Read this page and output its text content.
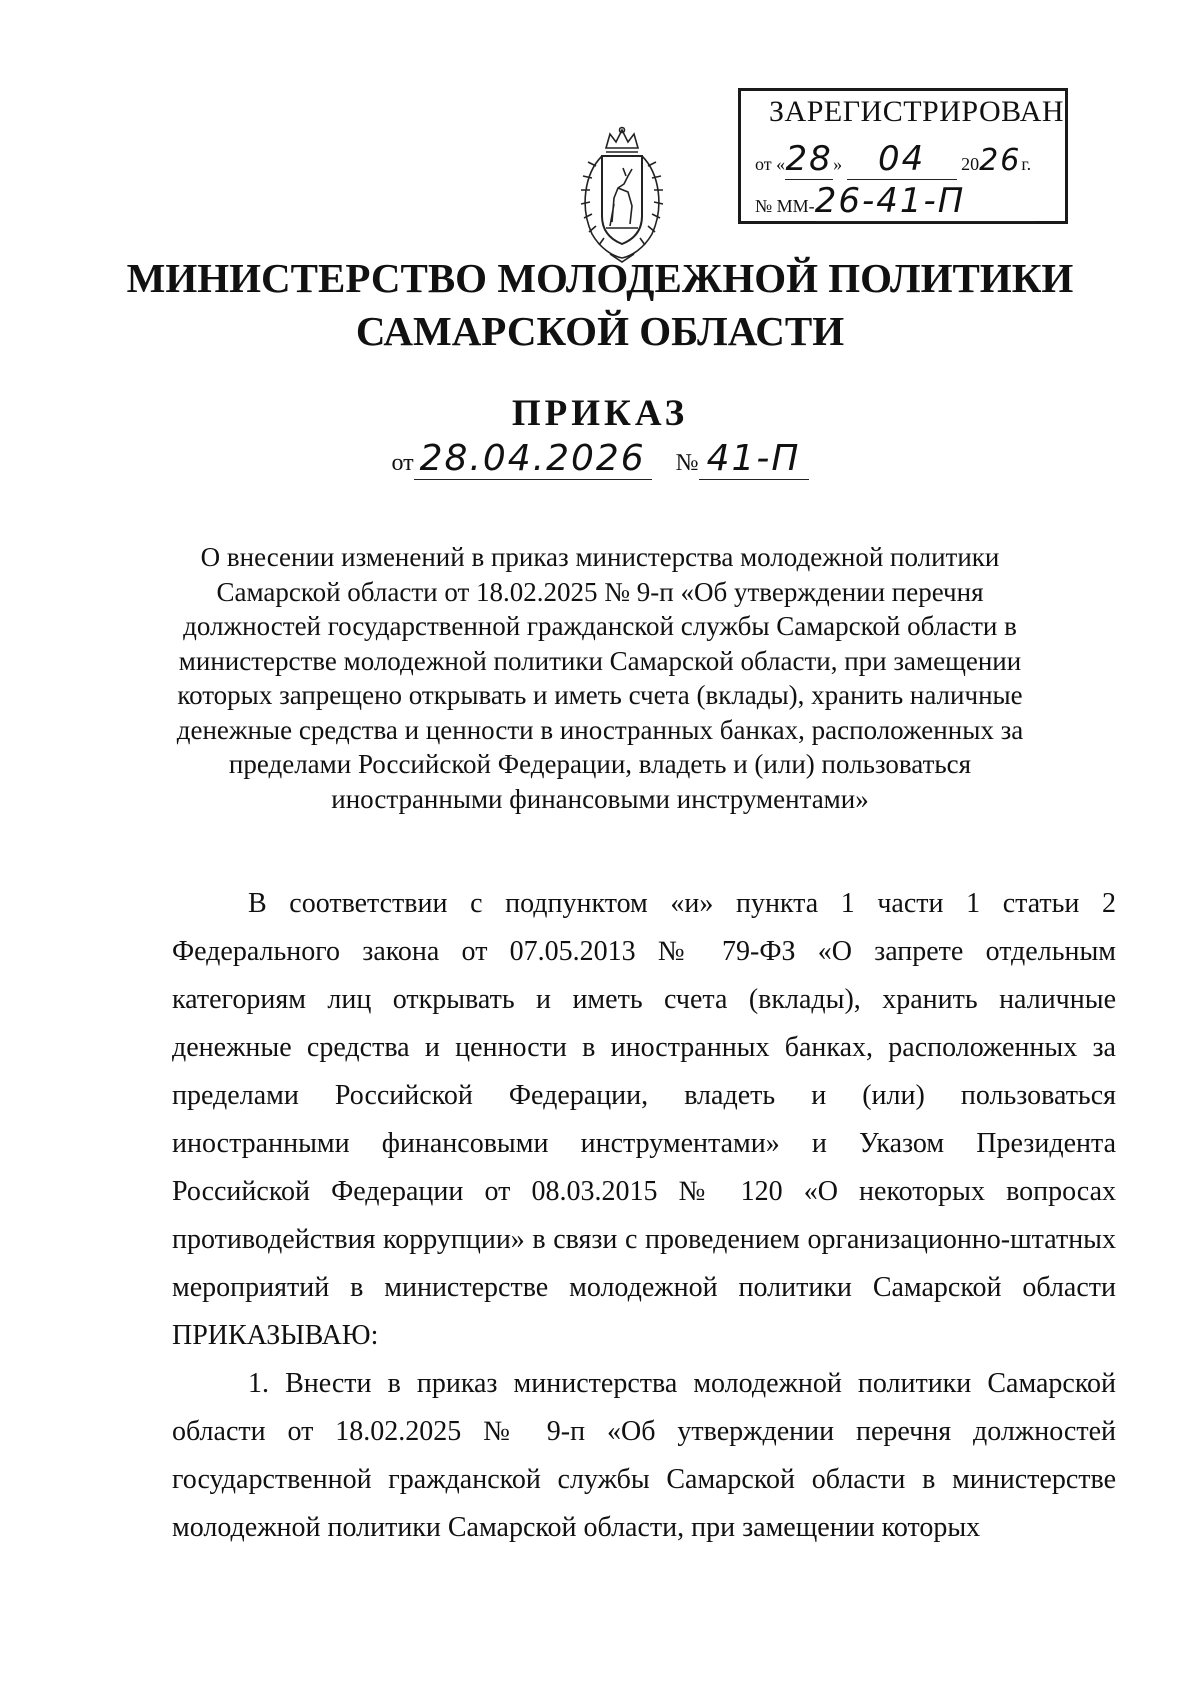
ЗАРЕГИСТРИРОВАН
от «28» 04 2026г.
№ ММ-26-41-П
МИНИСТЕРСТВО МОЛОДЕЖНОЙ ПОЛИТИКИ
САМАРСКОЙ ОБЛАСТИ
ПРИКАЗ
от 28.04.2026 № 41-П
О внесении изменений в приказ министерства молодежной политики Самарской области от 18.02.2025 № 9-п «Об утверждении перечня должностей государственной гражданской службы Самарской области в министерстве молодежной политики Самарской области, при замещении которых запрещено открывать и иметь счета (вклады), хранить наличные денежные средства и ценности в иностранных банках, расположенных за пределами Российской Федерации, владеть и (или) пользоваться иностранными финансовыми инструментами»

В соответствии с подпунктом «и» пункта 1 части 1 статьи 2 Федерального закона от 07.05.2013 № 79-ФЗ «О запрете отдельным категориям лиц открывать и иметь счета (вклады), хранить наличные денежные средства и ценности в иностранных банках, расположенных за пределами Российской Федерации, владеть и (или) пользоваться иностранными финансовыми инструментами» и Указом Президента Российской Федерации от 08.03.2015 № 120 «О некоторых вопросах противодействия коррупции» в связи с проведением организационно-штатных мероприятий в министерстве молодежной политики Самарской области ПРИКАЗЫВАЮ:

1. Внести в приказ министерства молодежной политики Самарской области от 18.02.2025 № 9-п «Об утверждении перечня должностей государственной гражданской службы Самарской области в министерстве молодежной политики Самарской области, при замещении которых
